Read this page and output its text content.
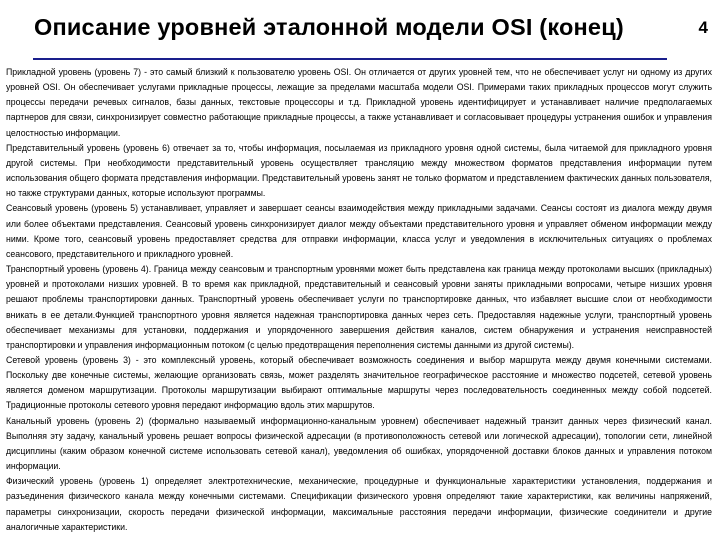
Описание уровней эталонной модели OSI (конец)	4

Прикладной уровень (уровень 7) - это самый близкий к пользователю уровень OSI. Он отличается от других уровней тем, что не обеспечивает услуг ни одному из других уровней OSI. Он обеспечивает услугами прикладные процессы, лежащие за пределами масштаба модели OSI. Примерами таких прикладных процессов могут служить процессы передачи речевых сигналов, базы данных, текстовые процессоры и т.д. Прикладной уровень идентифицирует и устанавливает наличие предполагаемых партнеров для связи, синхронизирует совместно работающие прикладные процессы, а также устанавливает и согласовывает процедуры устранения ошибок и управления целостностью информации.

Представительный уровень (уровень 6) отвечает за то, чтобы информация, посылаемая из прикладного уровня одной системы, была читаемой для прикладного уровня другой системы. При необходимости представительный уровень осуществляет трансляцию между множеством форматов представления информации путем использования общего формата представления информации. Представительный уровень занят не только форматом и представлением фактических данных пользователя, но также структурами данных, которые используют программы.

Сеансовый уровень (уровень 5) устанавливает, управляет и завершает сеансы взаимодействия между прикладными задачами. Сеансы состоят из диалога между двумя или более объектами представления. Сеансовый уровень синхронизирует диалог между объектами представительного уровня и управляет обменом информации между ними. Кроме того, сеансовый уровень предоставляет средства для отправки информации, класса услуг и уведомления в исключительных ситуациях о проблемах сеансового, представительного и прикладного уровней.

Транспортный уровень (уровень 4). Граница между сеансовым и транспортным уровнями может быть представлена как граница между протоколами высших (прикладных) уровней и протоколами низших уровней. В то время как прикладной, представительный и сеансовый уровни заняты прикладными вопросами, четыре низших уровня решают проблемы транспортировки данных. Транспортный уровень обеспечивает услуги по транспортировке данных, что избавляет высшие слои от необходимости вникать в ее детали.Функцией транспортного уровня является надежная транспортировка данных через сеть. Предоставляя надежные услуги, транспортный уровень обеспечивает механизмы для установки, поддержания и упорядоченного завершения действия каналов, систем обнаружения и устранения неисправностей транспортировки и управления информационным потоком (с целью предотвращения переполнения системы данными из другой системы).

Сетевой уровень (уровень 3) - это комплексный уровень, который обеспечивает возможность соединения и выбор маршрута между двумя конечными системами. Поскольку две конечные системы, желающие организовать связь, может разделять значительное географическое расстояние и множество подсетей, сетевой уровень является доменом маршрутизации. Протоколы маршрутизации выбирают оптимальные маршруты через последовательность соединенных между собой подсетей. Традиционные протоколы сетевого уровня передают информацию вдоль этих маршрутов.

Канальный уровень (уровень 2) (формально называемый информационно-канальным уровнем) обеспечивает надежный транзит данных через физический канал. Выполняя эту задачу, канальный уровень решает вопросы физической адресации (в противоположность сетевой или логической адресации), топологии сети, линейной дисциплины (каким образом конечной системе использовать сетевой канал), уведомления об ошибках, упорядоченной доставки блоков данных и управления потоком информации.

Физический уровень (уровень 1) определяет электротехнические, механические, процедурные и функциональные характеристики установления, поддержания и разъединения физического канала между конечными системами. Спецификации физического уровня определяют такие характеристики, как величины напряжений, параметры синхронизации, скорость передачи физической информации, максимальные расстояния передачи информации, физические соединители и другие аналогичные характеристики.
